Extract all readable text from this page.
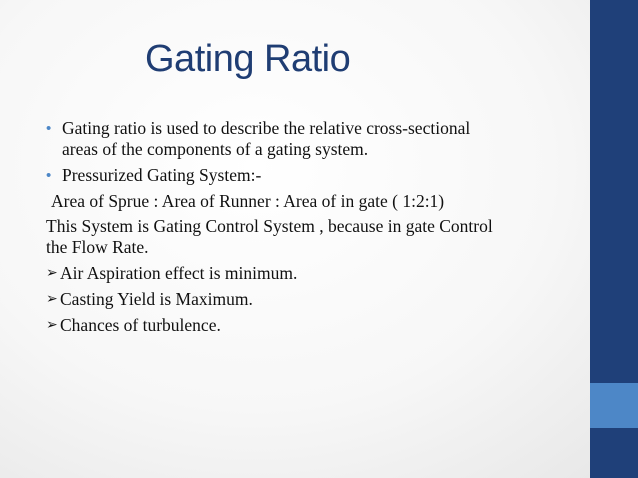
Gating Ratio
• Gating ratio is used to describe the relative cross-sectional
areas of the components of a gating system.
• Pressurized Gating System:-
Area of Sprue : Area of Runner : Area of in gate ( 1:2:1)
This System is Gating Control System , because in gate Control
the Flow Rate.
➢ Air Aspiration effect is minimum.
➢ Casting Yield is Maximum.
➢ Chances of turbulence.
